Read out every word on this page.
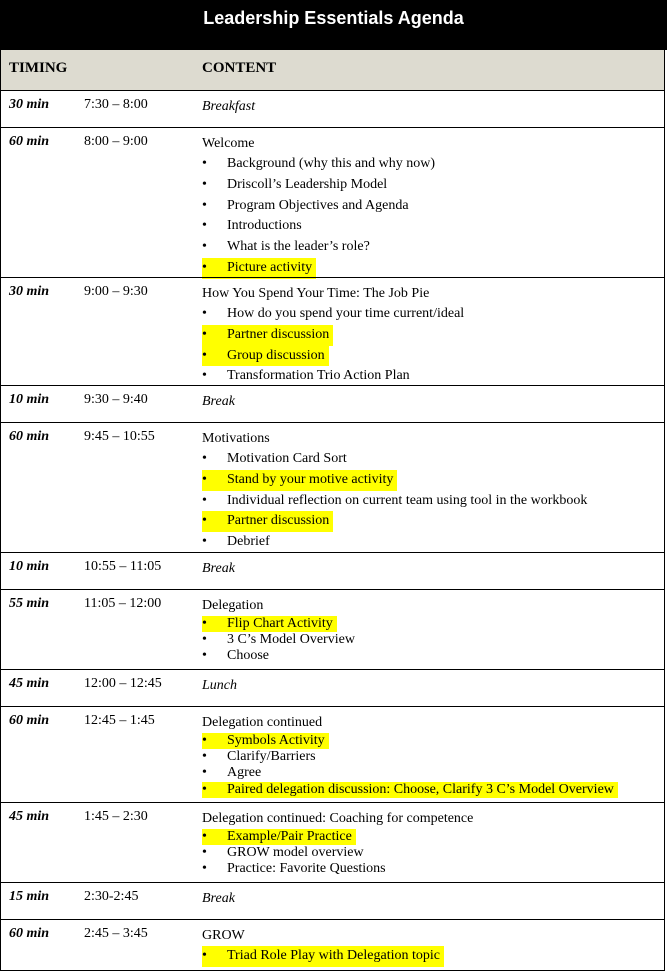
Leadership Essentials Agenda
TIMING	CONTENT
30 min 7:30 – 8:00	Breakfast
60 min 8:00 – 9:00	Welcome
• Background (why this and why now)
• Driscoll’s Leadership Model
• Program Objectives and Agenda
• Introductions
• What is the leader’s role?
• Picture activity
30 min 9:00 – 9:30	How You Spend Your Time: The Job Pie
• How do you spend your time current/ideal
• Partner discussion
• Group discussion
• Transformation Trio Action Plan
10 min 9:30 – 9:40	Break
60 min 9:45 – 10:55	Motivations
• Motivation Card Sort
• Stand by your motive activity
• Individual reflection on current team using tool in the workbook
• Partner discussion
• Debrief
10 min 10:55 – 11:05	Break
55 min 11:05 – 12:00	Delegation
• Flip Chart Activity
• 3 C’s Model Overview
• Choose
45 min 12:00 – 12:45	Lunch
60 min 12:45 – 1:45	Delegation continued
• Symbols Activity
• Clarify/Barriers
• Agree
• Paired delegation discussion: Choose, Clarify 3 C’s Model Overview
45 min 1:45 – 2:30	Delegation continued: Coaching for competence
• Example/Pair Practice
• GROW model overview
• Practice: Favorite Questions
15 min 2:30-2:45	Break
60 min 2:45 – 3:45	GROW
• Triad Role Play with Delegation topic
